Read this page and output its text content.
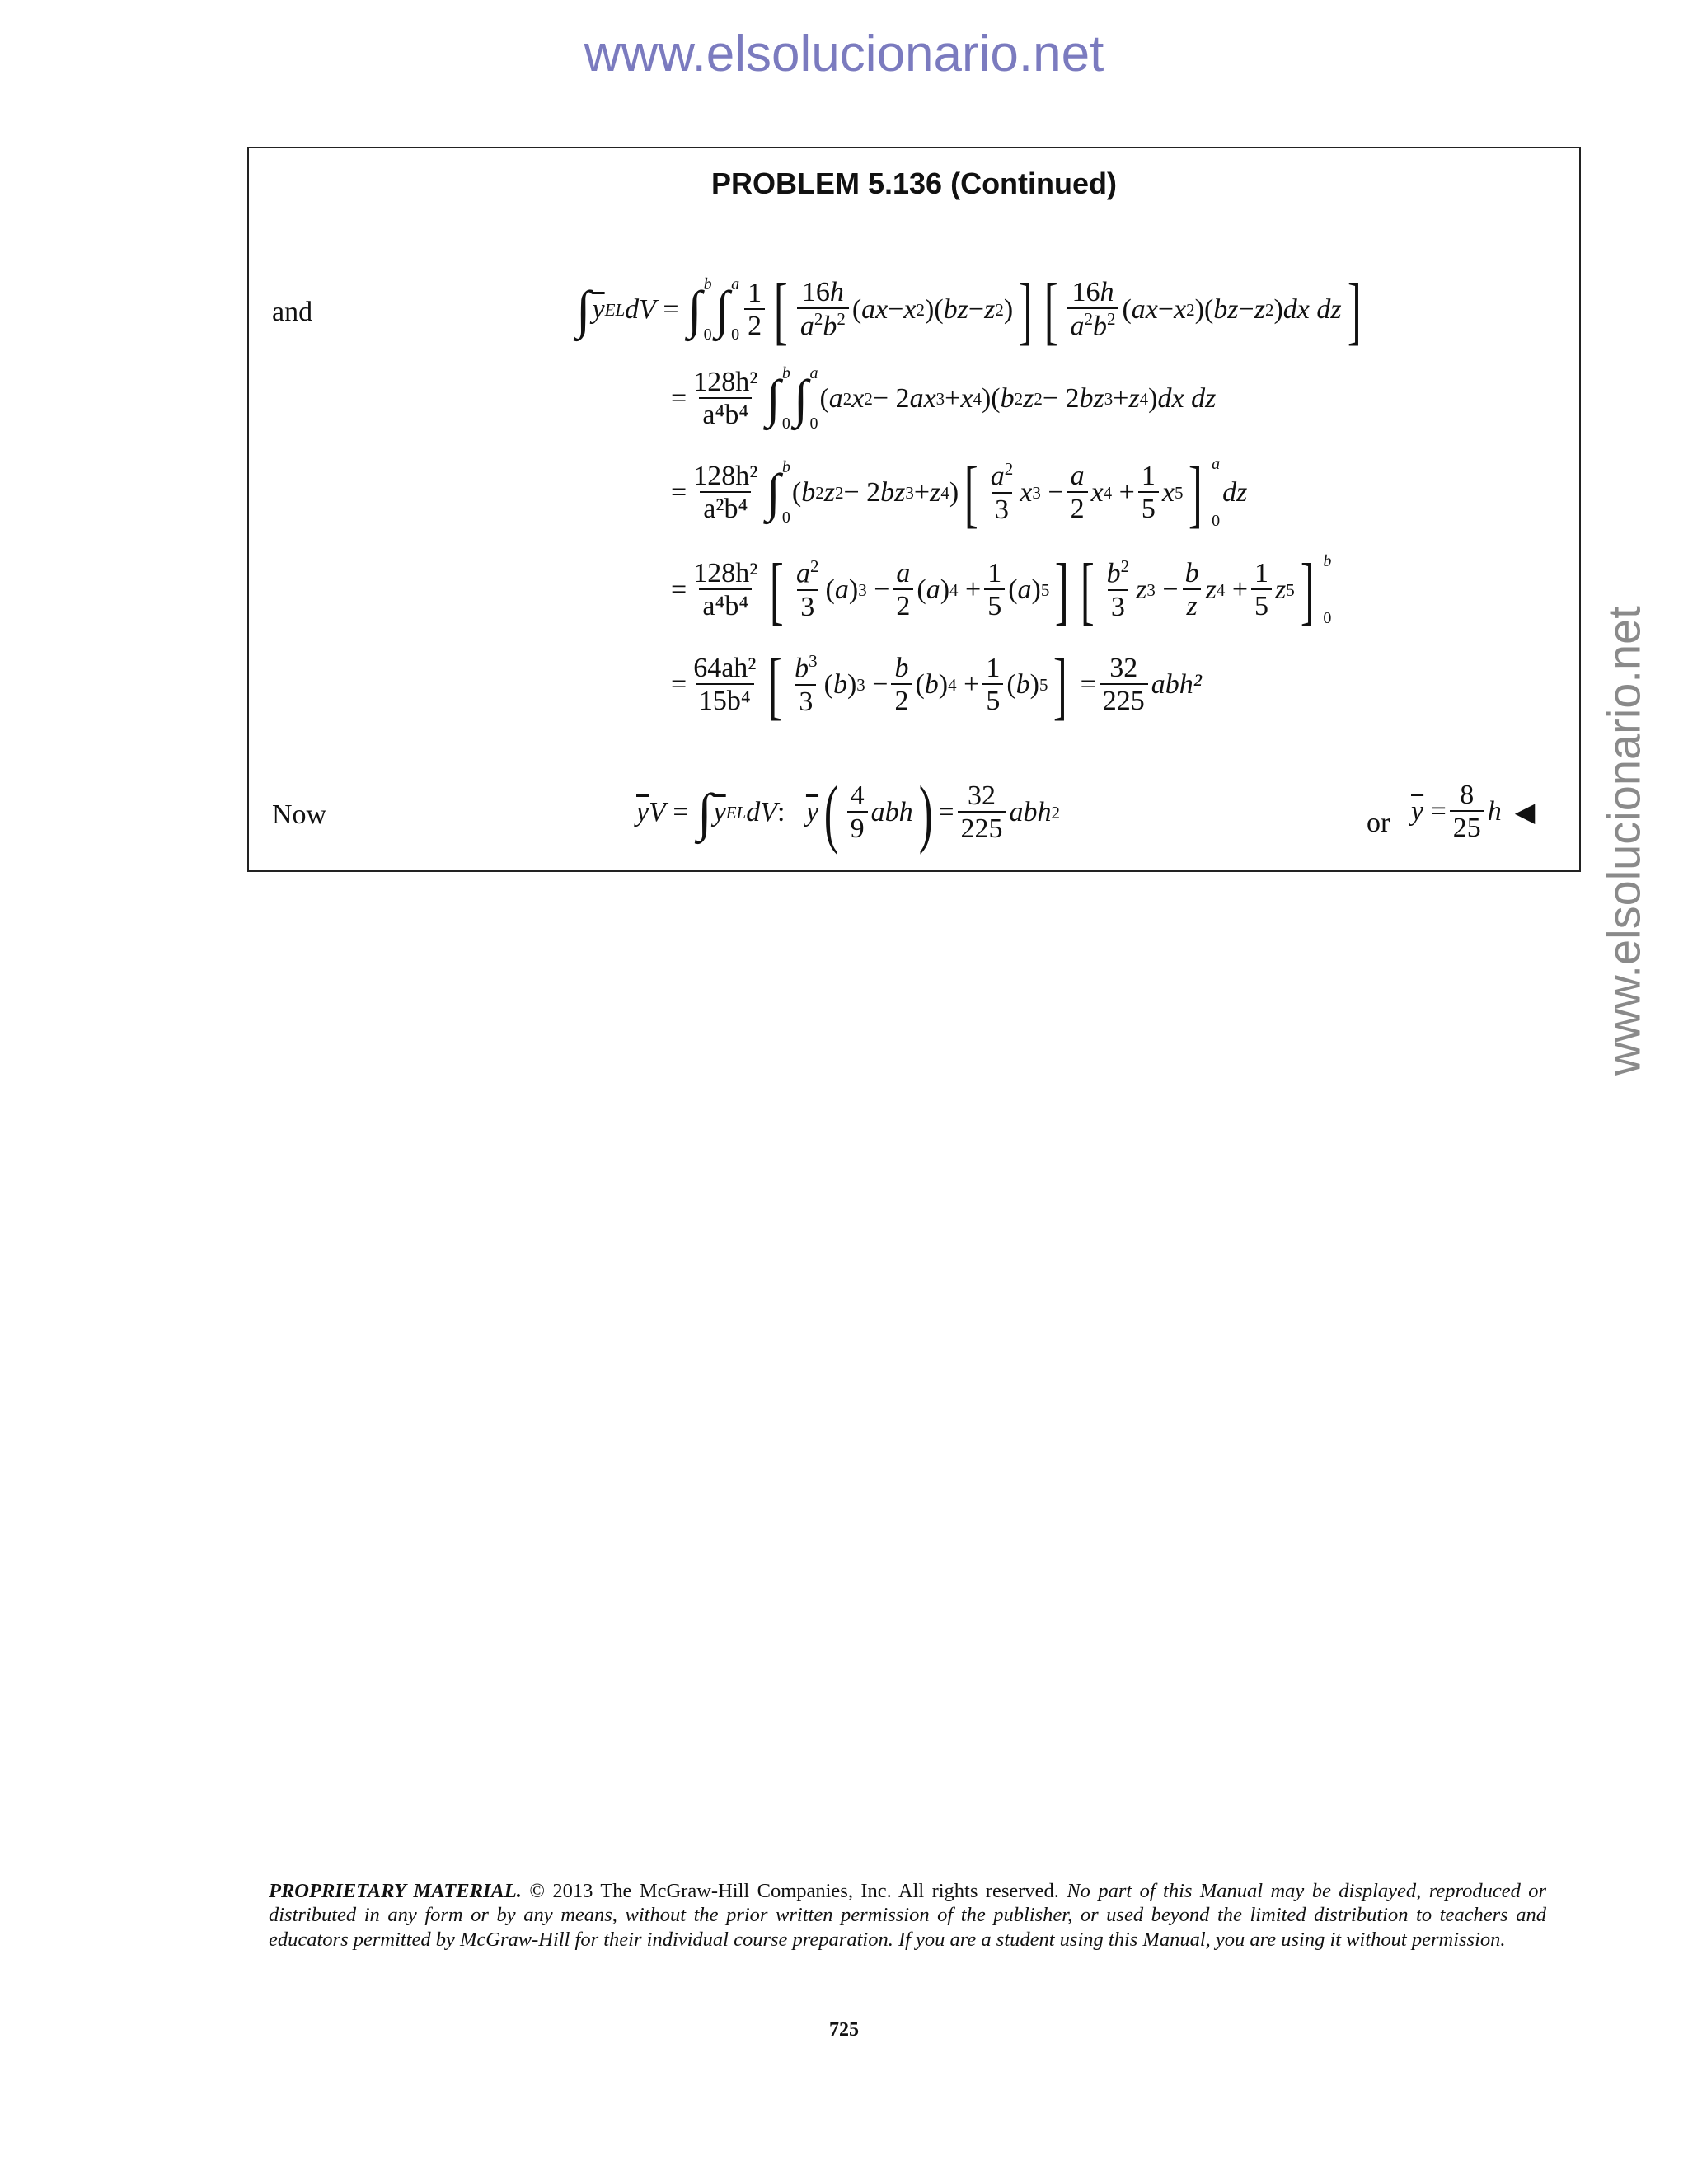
www.elsolucionario.net
www.elsolucionario.net
PROBLEM 5.136 (Continued)
and	∫ $\overline{y}$ EL dV = ∫ b
0 ∫ a
$0 \frac{1}{2}$ [ $\frac{16h}{a^2b^2}$ ( ax − x 2 )( bz − z 2 ) ] [ $\frac{16h}{a^2b^2}$ ( ax − x 2 )( bz − z 2 ) dx dz ]
= $\frac{\text{128h²}}{\text{a⁴b⁴}}$ ∫ b
0 ∫ a
0
( a 2 x 2 − 2 ax 3 + x 4 )( b 2 z 2 − 2 bz 3 + z 4 ) dx dz
= $\frac{\text{128h²}}{\text{a²b⁴}}$ ∫ b
0
( b 2 z 2 − 2 bz 3 + z 4 ) [ $\frac{a^2}{3}$ x $3 - \frac{a}{2}$ x $4 + \frac{1}{5}$ x 5 ] a
0

dz
= $\frac{\text{128h²}}{\text{a⁴b⁴}}$ [ $\frac{a^2}{3}$ ( a ) $3 - \frac{a}{2}$ ( a ) $4 + \frac{1}{5}$ ( a ) 5 ] [ $\frac{b^2}{3}$ z $3 - \frac{b}{z}$ z $4 + \frac{1}{5}$ z 5 ] b
0
= $\frac{\text{64ah²}}{\text{15b⁴}}$ [ $\frac{b^3}{3}$ ( b ) $3 - \frac{b}{2}$ ( b ) $4 + \frac{1}{5}$ ( b ) 5 ] = $\frac{32}{225} abh^2$
Now	$\overline{y}$ V = ∫ $\overline{y}$ EL dV : $\overline{y}$ ( $\frac{4}{9}$ abh ) = $\frac{32}{225}$ abh 2	or $\overline{y} = \frac{8}{25}$ h ◀
PROPRIETARY MATERIAL. © 2013 The McGraw-Hill Companies, Inc. All rights reserved. No part of this Manual may be displayed, reproduced or distributed in any form or by any means, without the prior written permission of the publisher, or used beyond the limited distribution to teachers and educators permitted by McGraw-Hill for their individual course preparation. If you are a student using this Manual, you are using it without permission.
725
